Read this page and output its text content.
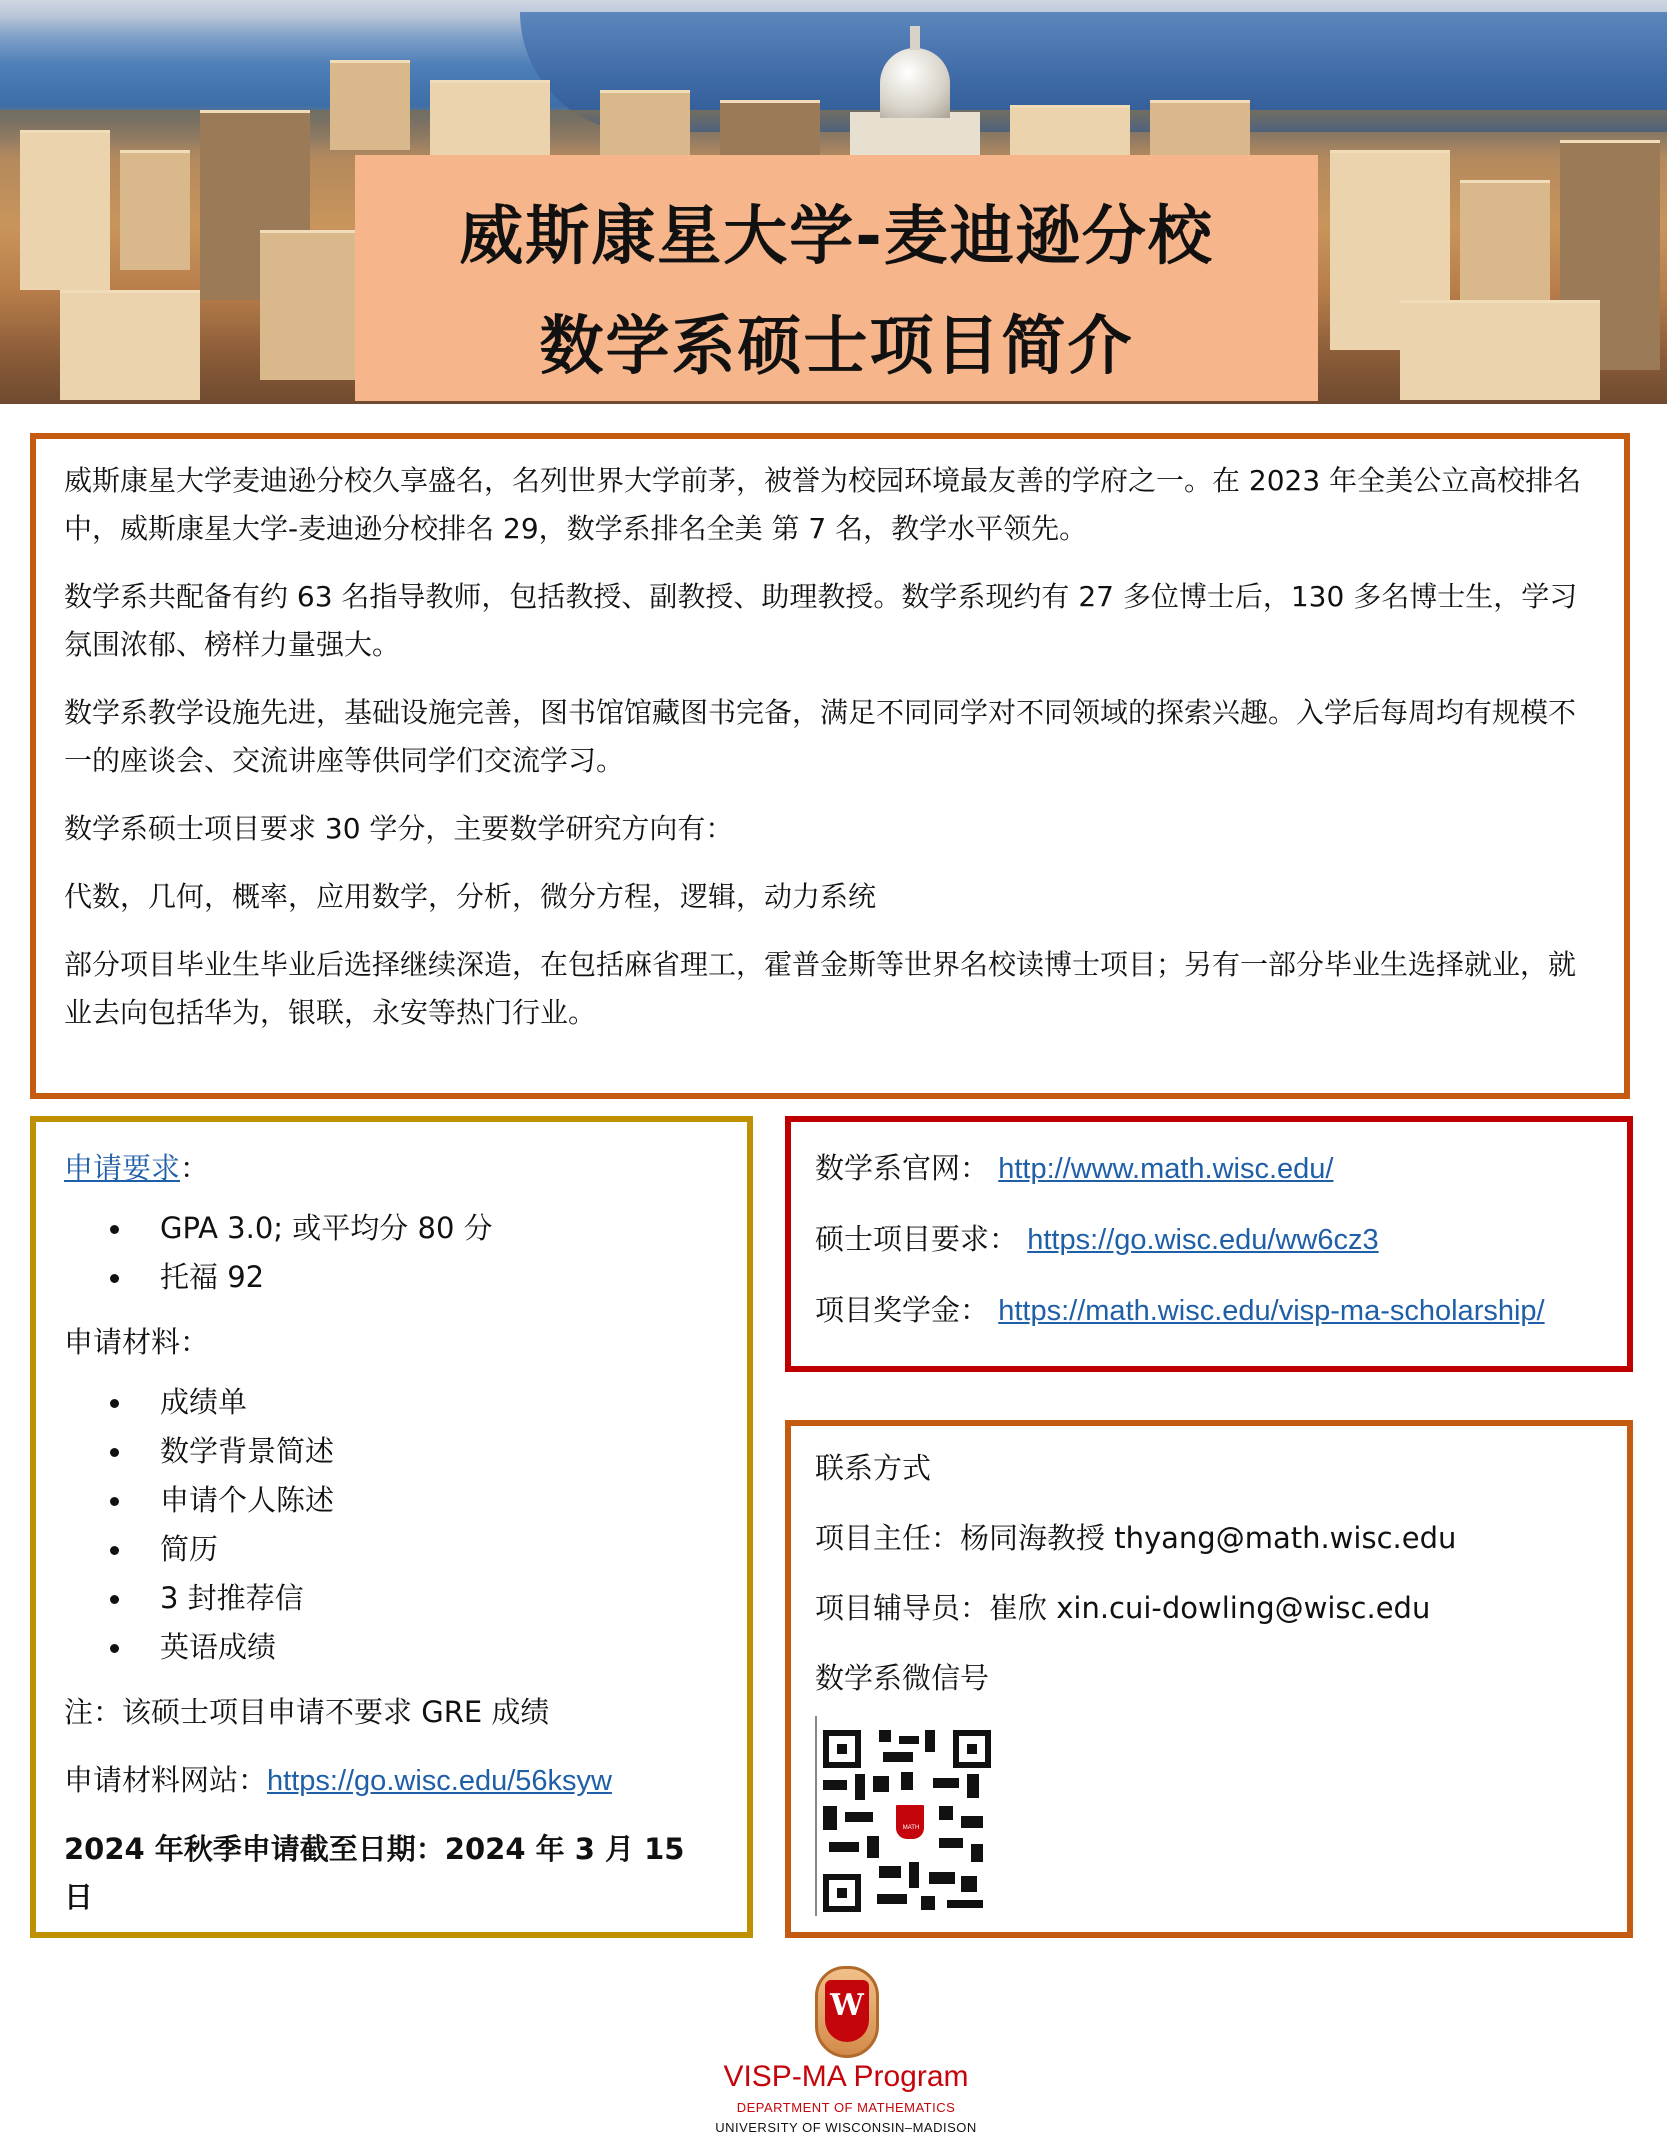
威斯康星大学-麦迪逊分校
数学系硕士项目简介

威斯康星大学麦迪逊分校久享盛名，名列世界大学前茅，被誉为校园环境最友善的学府之一。在 2023 年全美公立高校排名中，威斯康星大学-麦迪逊分校排名 29，数学系排名全美 第 7 名，教学水平领先。

数学系共配备有约 63 名指导教师，包括教授、副教授、助理教授。数学系现约有 27 多位博士后，130 多名博士生，学习氛围浓郁、榜样力量强大。

数学系教学设施先进，基础设施完善，图书馆馆藏图书完备，满足不同同学对不同领域的探索兴趣。入学后每周均有规模不一的座谈会、交流讲座等供同学们交流学习。

数学系硕士项目要求 30 学分，主要数学研究方向有：

代数，几何，概率，应用数学，分析，微分方程，逻辑，动力系统

部分项目毕业生毕业后选择继续深造，在包括麻省理工，霍普金斯等世界名校读博士项目；另有一部分毕业生选择就业，就业去向包括华为，银联，永安等热门行业。

申请要求：
GPA 3.0; 或平均分 80 分
托福 92
申请材料：
成绩单
数学背景简述
申请个人陈述
简历
3 封推荐信
英语成绩
注：该硕士项目申请不要求 GRE 成绩
申请材料网站：https://go.wisc.edu/56ksyw
2024 年秋季申请截至日期：2024 年 3 月 15 日
数学系官网： http://www.math.wisc.edu/
硕士项目要求： https://go.wisc.edu/ww6cz3
项目奖学金： https://math.wisc.edu/visp-ma-scholarship/
联系方式
项目主任：杨同海教授 thyang@math.wisc.edu
项目辅导员：崔欣 xin.cui-dowling@wisc.edu
数学系微信号
MATH
W
VISP-MA Program
DEPARTMENT OF MATHEMATICS
UNIVERSITY OF WISCONSIN–MADISON
